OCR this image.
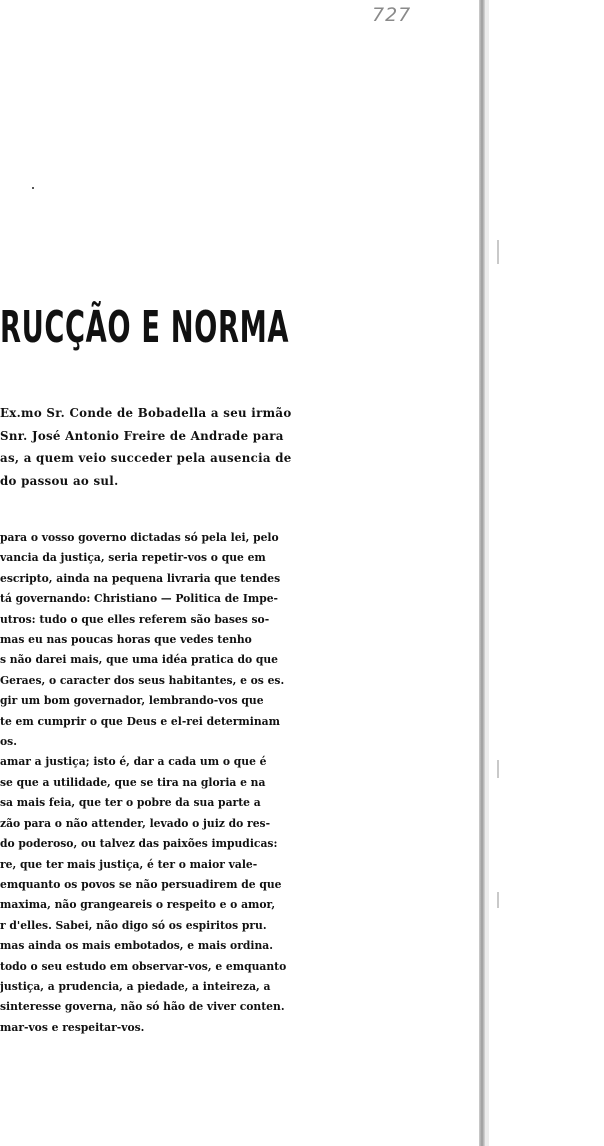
727
RUCÇÃO E NORMA
Ex.mo Sr. Conde de Bobadella a seu irmão
Snr. José Antonio Freire de Andrade para
as, a quem veio succeder pela ausencia de
do passou ao sul.
para o vosso governo dictadas só pela lei, pelo
vancia da justiça, seria repetir-vos o que em
escripto, ainda na pequena livraria que tendes
tá governando: Christiano — Politica de Impe-
utros: tudo o que elles referem são bases so-
mas eu nas poucas horas que vedes tenho
s não darei mais, que uma idéa pratica do que
Geraes, o caracter dos seus habitantes, e os es.
gir um bom governador, lembrando-vos que
te em cumprir o que Deus e el-rei determinam
os.
amar a justiça; isto é, dar a cada um o que é
se que a utilidade, que se tira na gloria e na
sa mais feia, que ter o pobre da sua parte a
zão para o não attender, levado o juiz do res-
do poderoso, ou talvez das paixões impudicas:
re, que ter mais justiça, é ter o maior vale-
emquanto os povos se não persuadirem de que
maxima, não grangeareis o respeito e o amor,
r d'elles. Sabei, não digo só os espiritos pru.
mas ainda os mais embotados, e mais ordina.
todo o seu estudo em observar-vos, e emquanto
justiça, a prudencia, a piedade, a inteireza, a
sinteresse governa, não só hão de viver conten.
mar-vos e respeitar-vos.
